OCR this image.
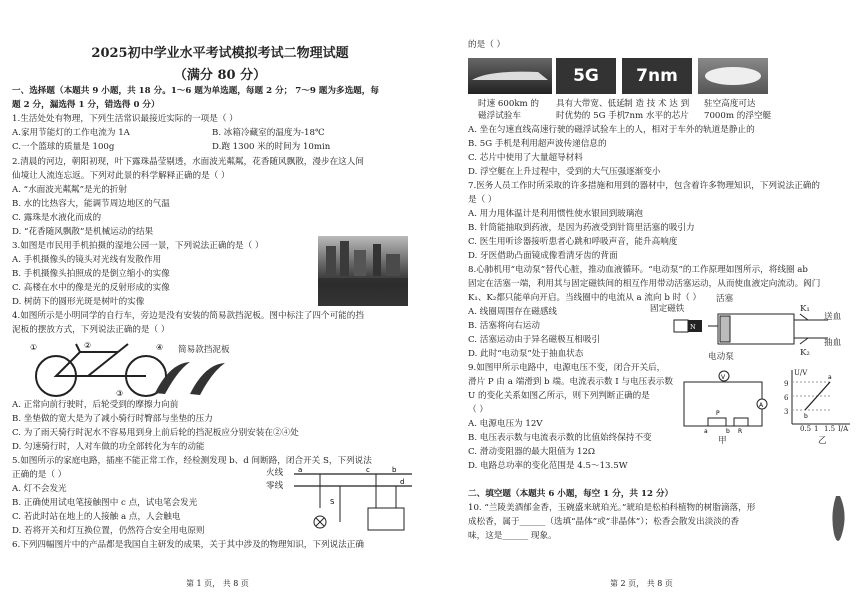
2025初中学业水平考试模拟考试二物理试题
（满分 80 分）
一、选择题（本题共 9 小题，共 18 分。1～6 题为单选题，每题 2 分； 7～9 题为多选题，每
题 2 分，漏选得 1 分，错选得 0 分）
1.生活处处有物理，下列生活常识最接近实际的一项是（ ）
A.家用节能灯的工作电流为 1A	B. 冰箱冷藏室的温度为-18℃
C.一个篮球的质量是 100g	D.跑 1300 米的时间为 10min
2.清晨的河边，朝阳初现，叶下露珠晶莹剔透，水面波光粼粼，花香随风飘散，漫步在这人间
仙境让人流连忘返。下列对此景的科学解释正确的是（ ）
A. “水面波光粼粼”是光的折射
B. 水的比热容大，能调节周边地区的气温
C. 露珠是水液化而成的
D. “花香随风飘散”是机械运动的结果
3.如图是市民用手机拍摄的湿地公园一景，下列说法正确的是（ ）
A. 手机摄像头的镜头对光线有发散作用
B. 手机摄像头拍照成的是倒立缩小的实像
C. 高楼在水中的像是光的反射形成的实像
D. 树荫下的圆形光斑是树叶的实像
4.如图所示是小明同学的自行车，旁边是没有安装的简易款挡泥板。图中标注了四个可能的挡
泥板的摆放方式，下列说法正确的是（ ）
①	②
③
④ 简易款挡泥板
A. 正常向前行驶时，后轮受到的摩擦力向前
B. 坐垫做的宽大是为了减小骑行时臀部与坐垫的压力
C. 为了雨天骑行时泥水不容易甩到身上前后轮的挡泥板应分别安装在②④处
D. 匀速骑行时，人对车做的功全部转化为车的动能
5.如图所示的家庭电路，插座不能正常工作，经检测发现 b、d 间断路，闭合开关 S，下列说法
正确的是（ ）
A. 灯不会发光
B. 正确使用试电笔接触图中 c 点，试电笔会发光
C. 若此时站在地上的人接触 a 点，人会触电
D. 若将开关和灯互换位置，仍然符合安全用电原则
6.下列四幅图片中的产品都是我国自主研发的成果，关于其中涉及的物理知识，下列说法正确
火线
零线
a	c	b
d
S
第 1 页， 共 8 页
的是（ ）
5G	7nm
时速 600km 的 具有大带宽、低延 制 造 技 术 达 到 驻空高度可达
磁浮试验车	时优势的 5G 手机
7nm 水平的芯片 7000m 的浮空艇
A. 坐在匀速直线高速行驶的磁浮试验车上的人，相对于车外的轨道是静止的
B. 5G 手机是利用超声波传递信息的
C. 芯片中使用了大量超导材料
D. 浮空艇在上升过程中，受到的大气压强逐渐变小
7.医务人员工作时所采取的许多措施和用到的器材中，包含着许多物理知识，下列说法正确的
是（ ）
A. 用力甩体温计是利用惯性使水银回到玻璃泡
B. 针筒能抽取到药液，是因为药液受到针筒里活塞的吸引力
C. 医生用听诊器接听患者心跳和呼吸声音，能升高响度
D. 牙医借助凸面镜成像看清牙齿的背面
8.心肺机用“电动泵”替代心脏，推动血液循环。“电动泵”的工作原理如图所示，将线圈 ab
固定在活塞一端，利用其与固定磁铁间的相互作用带动活塞运动，从而使血液定向流动。阀门
K₁、K₂都只能单向开启。当线圈中的电流从 a 流向 b 时（ ）
A. 线圈周围存在磁感线
B. 活塞将向右运动
C. 活塞运动由于异名磁极互相吸引
D. 此时“电动泵”处于抽血状态
S N
固定磁铁
活塞
K₁
送血
抽血
K₂
电动泵
9.如图甲所示电路中，电源电压不变，闭合开关后，
滑片 P 由 a 端滑到 b 端。电流表示数 I 与电压表示数
U 的变化关系如图乙所示，则下列判断正确的是
（ ）
A. 电源电压为 12V
B. 电压表示数与电流表示数的比值始终保持不变
C. 滑动变阻器的最大阻值为 12Ω
D. 电路总功率的变化范围是 4.5～13.5W
V
A
P
a	b R
甲
a
b
U/V
9
6
3
0.5 1 1.5 I/A
乙
二、填空题（本题共 6 小题，每空 1 分，共 12 分）
10. “兰陵美酒郁金香，玉碗盛来琥珀光。”琥珀是松柏科植物的树脂滴落，形
成松香，属于______（选填“晶体”或“非晶体”）；松香会散发出淡淡的香
味，这是______ 现象。
第 2 页， 共 8 页
